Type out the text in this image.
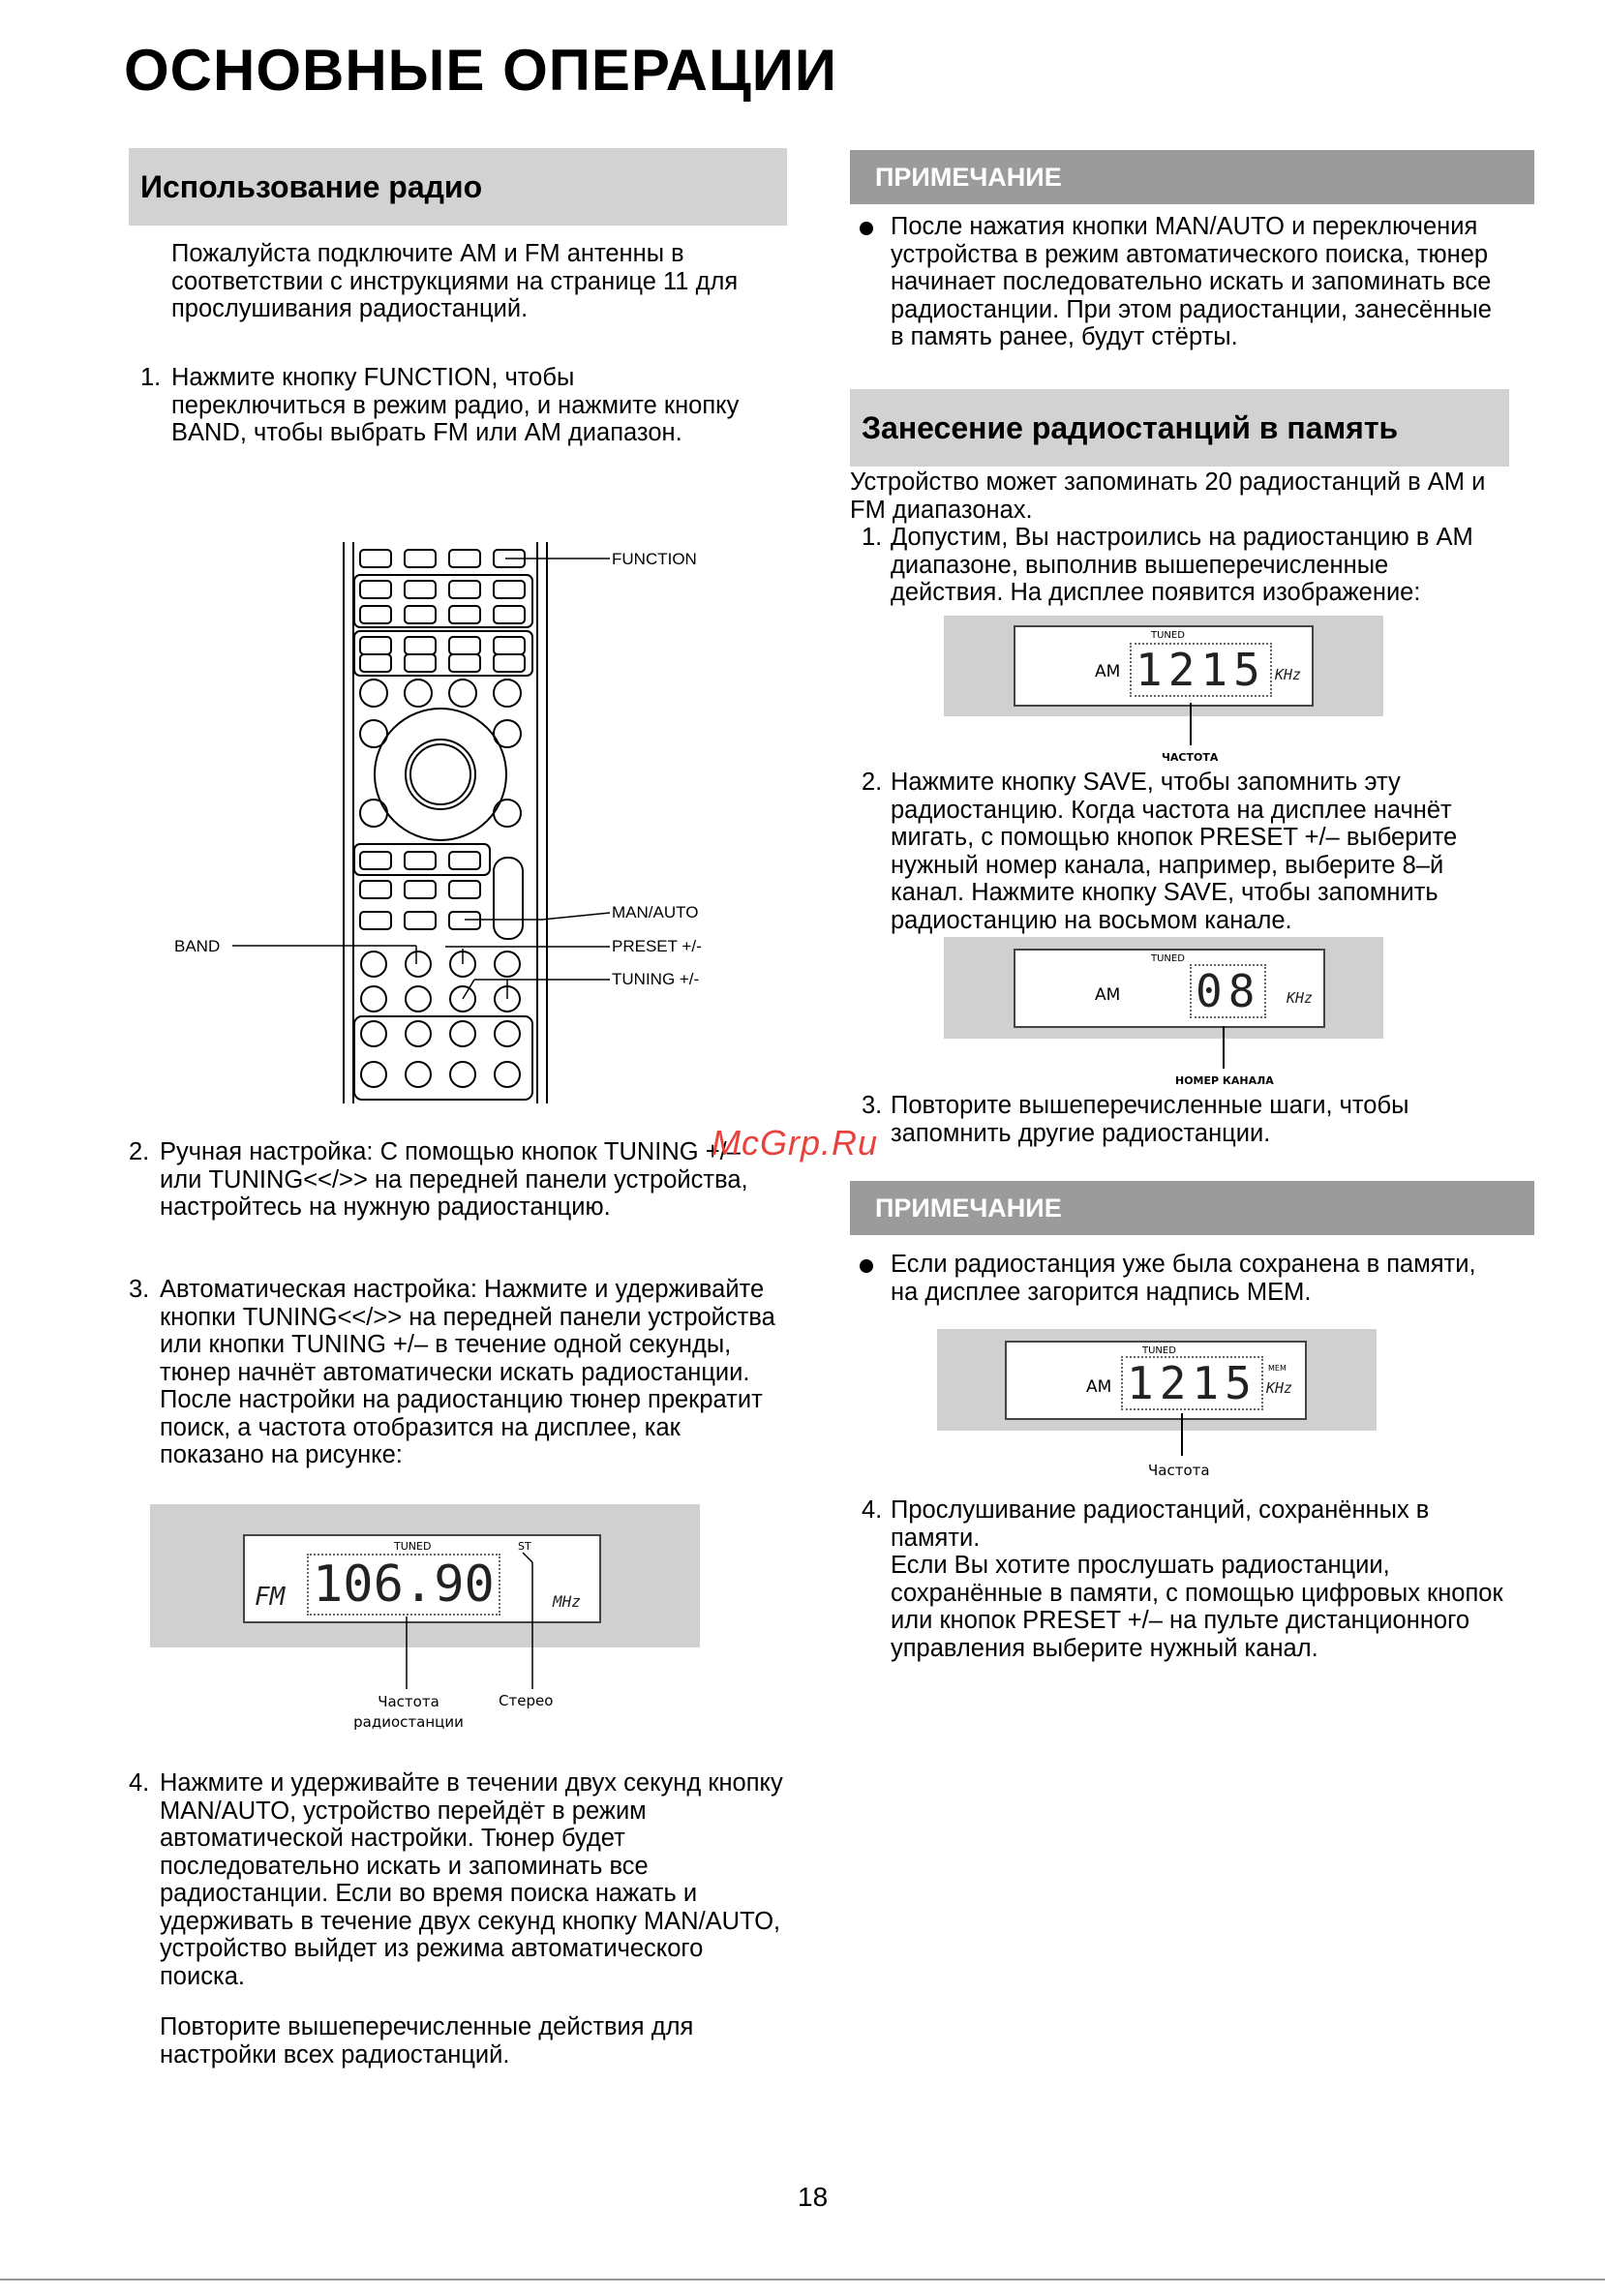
ОСНОВНЫЕ ОПЕРАЦИИ
Использование радио

Пожалуйста подключите AM и FM антенны в соответствии с инструкциями на странице 11 для прослушивания радиостанций.

1. Нажмите кнопку FUNCTION, чтобы переключиться в режим радио, и нажмите кнопку BAND, чтобы выбрать FM или AM диапазон.

FUNCTION
MAN/AUTO
BAND	PRESET +/-
TUNING +/-
2. Ручная настройка: С помощью кнопок TUNING +/– или TUNING<</>> на передней панели устройства, настройтесь на нужную радиостанцию.

3. Автоматическая настройка: Нажмите и удерживайте кнопки TUNING<</>> на передней панели устройства или кнопки TUNING +/– в течение одной секунды, тюнер начнёт автоматически искать радиостанции. После настройки на радиостанцию тюнер прекратит поиск, а частота отобразится на дисплее, как показано на рисунке:

TUNED	ST
FM 106.90	MHz
Частота
радиостанции
Стерео
4. Нажмите и удерживайте в течении двух секунд кнопку MAN/AUTO, устройство перейдёт в режим автоматической настройки. Тюнер будет последовательно искать и запоминать все радиостанции. Если во время поиска нажать и удерживать в течение двух секунд кнопку MAN/AUTO, устройство выйдет из режима автоматического поиска.

Повторите вышеперечисленные действия для настройки всех радиостанций.

ПРИМЕЧАНИЕ

После нажатия кнопки MAN/AUTO и переключения устройства в режим автоматического поиска, тюнер начинает последовательно искать и запоминать все радиостанции. При этом радиостанции, занесённые в память ранее, будут стёрты.

Занесение радиостанций в память

Устройство может запоминать 20 радиостанций в AM и FM диапазонах.

1. Допустим, Вы настроились на радиостанцию в AM диапазоне, выполнив вышеперечисленные действия. На дисплее появится изображение:

TUNED
AM 1215 KHz
ЧАСТОТА
2. Нажмите кнопку SAVE, чтобы запомнить эту радиостанцию. Когда частота на дисплее начнёт мигать, с помощью кнопок PRESET +/– выберите нужный номер канала, например, выберите 8–й канал. Нажмите кнопку SAVE, чтобы запомнить радиостанцию на восьмом канале.

TUNED
AM 08	KHz
НОМЕР КАНАЛА
3. Повторите вышеперечисленные шаги, чтобы запомнить другие радиостанции.

ПРИМЕЧАНИЕ

Если радиостанция уже была сохранена в памяти, на дисплее загорится надпись MEM.

TUNED
MEM
AM 1215 KHz
Частота
4. Прослушивание радиостанций, сохранённых в памяти.

Если Вы хотите прослушать радиостанции, сохранённые в памяти, с помощью цифровых кнопок или кнопок PRESET +/– на пульте дистанционного управления выберите нужный канал.

McGrp.Ru
18
